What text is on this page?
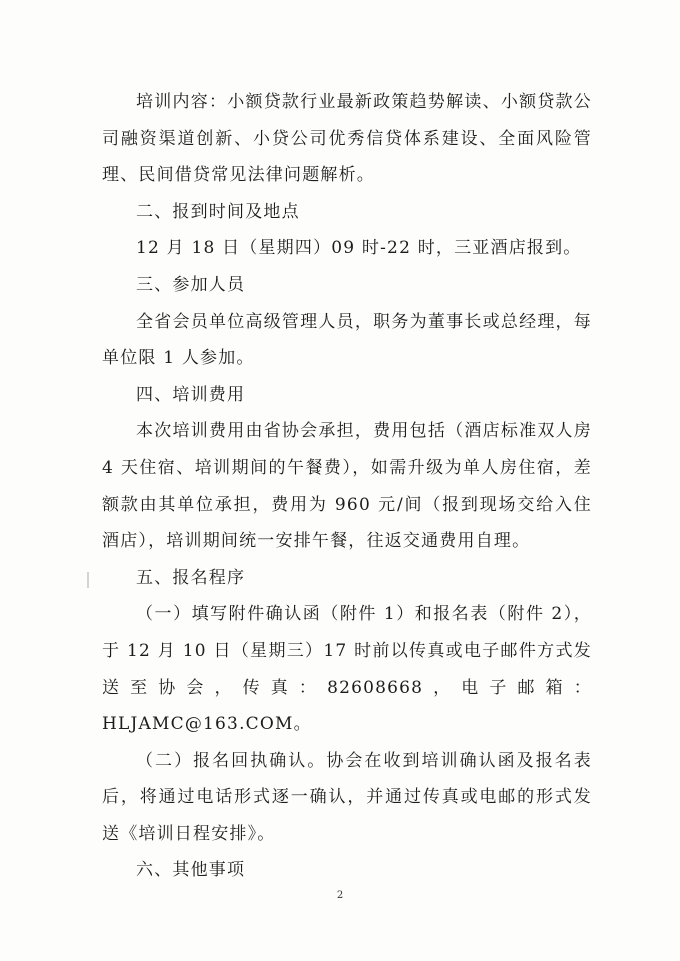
培训内容：小额贷款行业最新政策趋势解读、小额贷款公司融资渠道创新、小贷公司优秀信贷体系建设、全面风险管理、民间借贷常见法律问题解析。

二、报到时间及地点

12 月 18 日（星期四）09 时-22 时，三亚酒店报到。

三、参加人员

全省会员单位高级管理人员，职务为董事长或总经理，每单位限 1 人参加。

四、培训费用

本次培训费用由省协会承担，费用包括（酒店标准双人房 4 天住宿、培训期间的午餐费），如需升级为单人房住宿，差额款由其单位承担，费用为 960 元/间（报到现场交给入住酒店），培训期间统一安排午餐，往返交通费用自理。

五、报名程序

（一）填写附件确认函（附件 1）和报名表（附件 2），于 12 月 10 日（星期三）17 时前以传真或电子邮件方式发送至协会，传真：82608668，电子邮箱：HLJAMC@163.COM。

（二）报名回执确认。协会在收到培训确认函及报名表后，将通过电话形式逐一确认，并通过传真或电邮的形式发送《培训日程安排》。

六、其他事项

2
